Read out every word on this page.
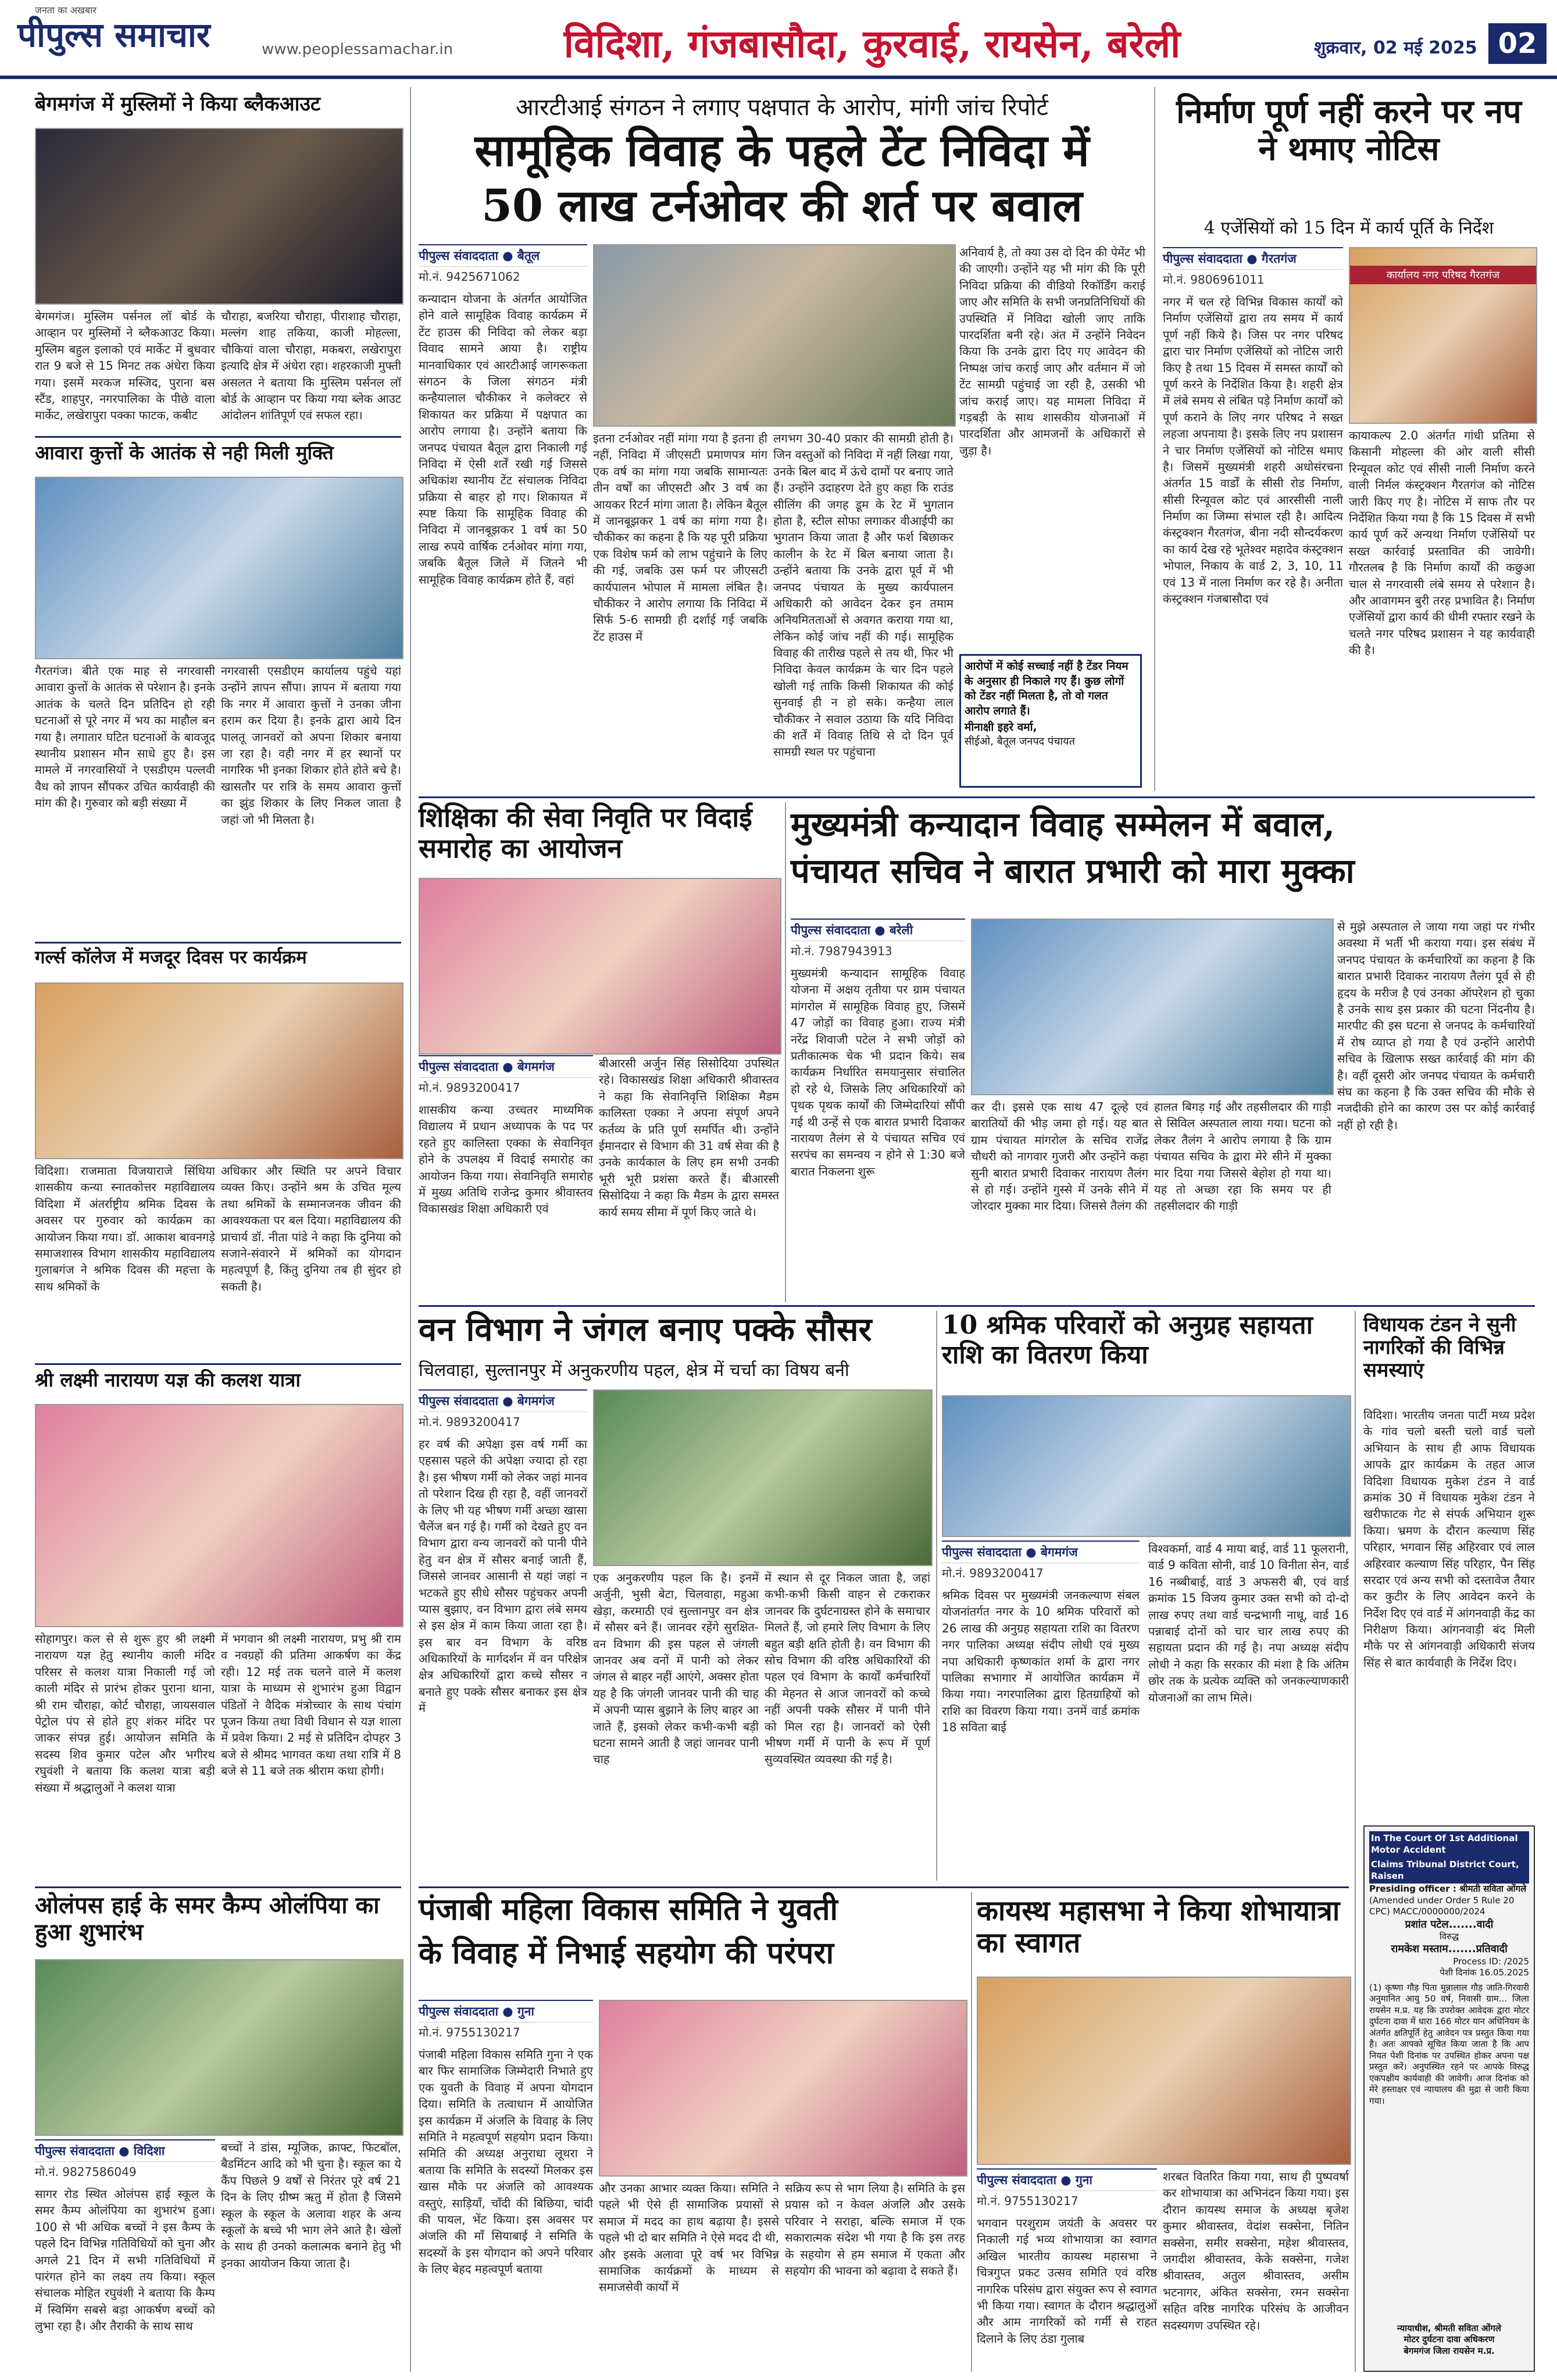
पीपुल्स समाचार
जनता का अखबार
www.peoplessamachar.in	विदिशा, गंजबासौदा, कुरवाई, रायसेन, बरेली	शुक्रवार, 02 मई 2025 02
बेगमगंज में मुस्लिमों ने किया ब्लैकआउट
बेगमगंज। मुस्लिम पर्सनल लॉ बोर्ड के आव्हान पर मुस्लिमों ने ब्लैकआउट किया। मुस्लिम बहुल इलाको एवं मार्केट में बुधवार रात 9 बजे से 15 मिनट तक अंधेरा किया गया। इसमें मरकज मस्जिद, पुराना बस स्टैंड, शाहपुर, नगरपालिका के पीछे वाला मार्केट, लखेरापुरा पक्का फाटक, कबीट
चौराहा, बजरिया चौराहा, पीराशाह चौराहा, मल्लंग शाह तकिया, काजी मोहल्ला, चौकियां वाला चौराहा, मकबरा, लखेरापुरा इत्यादि क्षेत्र में अंधेरा रहा। शहरकाजी मुफ्ती असलत ने बताया कि मुस्लिम पर्सनल लॉ बोर्ड के आव्हान पर किया गया ब्लेक आउट आंदोलन शांतिपूर्ण एवं सफल रहा।
आवारा कुत्तों के आतंक से नही मिली मुक्ति
गैरतगंज। बीते एक माह से नगरवासी आवारा कुत्तों के आतंक से परेशान है। इनके आतंक के चलते दिन प्रतिदिन हो रही घटनाओं से पूरे नगर में भय का माहौल बन गया है। लगातार घटित घटनाओं के बावजूद स्थानीय प्रशासन मौन साधे हुए है। इस मामले में नगरवासियों ने एसडीएम पल्लवी वैध को ज्ञापन सौंपकर उचित कार्यवाही की मांग की है। गुरुवार को बड़ी संख्या में
नगरवासी एसडीएम कार्यालय पहुंचे यहां उन्होंने ज्ञापन सौंपा। ज्ञापन में बताया गया कि नगर में आवारा कुत्तों ने उनका जीना हराम कर दिया है। इनके द्वारा आये दिन पालतू जानवरों को अपना शिकार बनाया जा रहा है। वही नगर में हर स्थानों पर नागरिक भी इनका शिकार होते होते बचे है। खासतौर पर रात्रि के समय आवारा कुत्तों का झुंड शिकार के लिए निकल जाता है जहां जो भी मिलता है।
गर्ल्स कॉलेज में मजदूर दिवस पर कार्यक्रम
विदिशा। राजमाता विजयाराजे सिंधिया शासकीय कन्या स्नातकोत्तर महाविद्यालय विदिशा में अंतर्राष्ट्रीय श्रमिक दिवस के अवसर पर गुरुवार को कार्यक्रम का आयोजन किया गया। डॉ. आकाश बावनगड़े समाजशास्त्र विभाग शासकीय महाविद्यालय गुलाबगंज ने श्रमिक दिवस की महत्ता के साथ श्रमिकों के
अधिकार और स्थिति पर अपने विचार व्यक्त किए। उन्होंने श्रम के उचित मूल्य तथा श्रमिकों के सम्मानजनक जीवन की आवश्यकता पर बल दिया। महाविद्यालय की प्राचार्य डॉ. नीता पांडे ने कहा कि दुनिया को सजाने-संवारने में श्रमिकों का योगदान महत्वपूर्ण है, किंतु दुनिया तब ही सुंदर हो सकती है।
श्री लक्ष्मी नारायण यज्ञ की कलश यात्रा
सोहागपुर। कल से से शुरू हुए श्री लक्ष्मी नारायण यज्ञ हेतु स्थानीय काली मंदिर परिसर से कलश यात्रा निकाली गई जो काली मंदिर से प्रारंभ होकर पुराना थाना, श्री राम चौराहा, कोर्ट चौराहा, जायसवाल पेट्रोल पंप से होते हुए शंकर मंदिर पर जाकर संपन्न हुई। आयोजन समिति के सदस्य शिव कुमार पटेल और भगीरथ रघुवंशी ने बताया कि कलश यात्रा बड़ी संख्या में श्रद्धालुओं ने कलश यात्रा
में भगवान श्री लक्ष्मी नारायण, प्रभु श्री राम व नवग्रहों की प्रतिमा आकर्षण का केंद्र रही। 12 मई तक चलने वाले में कलश यात्रा के माध्यम से शुभारंभ हुआ विद्वान पंडितों ने वैदिक मंत्रोच्चार के साथ पंचांग पूजन किया तथा विधी विधान से यज्ञ शाला में प्रवेश किया। 2 मई से प्रतिदिन दोपहर 3 बजे से श्रीमद भागवत कथा तथा रात्रि में 8 बजे से 11 बजे तक श्रीराम कथा होगी।
ओलंपस हाई के समर कैम्प ओलंपिया का हुआ शुभारंभ
पीपुल्स संवाददाता ● विदिशा
मो.नं. 9827586049
सागर रोड स्थित ओलंपस हाई स्कूल के समर कैम्प ओलंपिया का शुभारंभ हुआ। 100 से भी अधिक बच्चों ने इस कैम्प के पहले दिन विभिन्न गतिविधियों को चुना और अगले 21 दिन में सभी गतिविधियों में पारंगत होने का लक्ष्य तय किया। स्कूल संचालक मोहित रघुवंशी ने बताया कि कैम्प में स्विमिंग सबसे बड़ा आकर्षण बच्चों को लुभा रहा है। और तैराकी के साथ साथ
बच्चों ने डांस, म्यूजिक, क्राफ्ट, फिटबॉल, बैडमिंटन आदि को भी चुना है। स्कूल का ये कैंप पिछले 9 वर्षों से निरंतर पूरे वर्ष 21 दिन के लिए ग्रीष्म ऋतु में होता है जिसमे स्कूल के स्कूल के अलावा शहर के अन्य स्कूलों के बच्चे भी भाग लेने आते है। खेलों के साथ ही उनको कलात्मक बनाने हेतु भी इनका आयोजन किया जाता है।
आरटीआई संगठन ने लगाए पक्षपात के आरोप, मांगी जांच रिपोर्ट
सामूहिक विवाह के पहले टेंट निविदा में
50 लाख टर्नओवर की शर्त पर बवाल
पीपुल्स संवाददाता ● बैतूल
मो.नं. 9425671062
कन्यादान योजना के अंतर्गत आयोजित होने वाले सामूहिक विवाह कार्यक्रम में टेंट हाउस की निविदा को लेकर बड़ा विवाद सामने आया है। राष्ट्रीय मानवाधिकार एवं आरटीआई जागरूकता संगठन के जिला संगठन मंत्री कन्हैयालाल चौकीकर ने कलेक्टर से शिकायत कर प्रक्रिया में पक्षपात का आरोप लगाया है। उन्होंने बताया कि जनपद पंचायत बैतूल द्वारा निकाली गई निविदा में ऐसी शर्तें रखी गई जिससे अधिकांश स्थानीय टेंट संचालक निविदा प्रक्रिया से बाहर हो गए। शिकायत में स्पष्ट किया कि सामूहिक विवाह की निविदा में जानबूझकर 1 वर्ष का 50 लाख रुपये वार्षिक टर्नओवर मांगा गया, जबकि बैतूल जिले में जितने भी सामूहिक विवाह कार्यक्रम होते हैं, वहां
इतना टर्नओवर नहीं मांगा गया है इतना ही नहीं, निविदा में जीएसटी प्रमाणपत्र मांग एक वर्ष का मांगा गया जबकि सामान्यतः तीन वर्षों का जीएसटी और 3 वर्ष का आयकर रिटर्न मांगा जाता है। लेकिन बैतूल में जानबूझकर 1 वर्ष का मांगा गया है। चौकीकर का कहना है कि यह पूरी प्रक्रिया एक विशेष फर्म को लाभ पहुंचाने के लिए की गई, जबकि उस फर्म पर जीएसटी कार्यपालन भोपाल में मामला लंबित है। चौकीकर ने आरोप लगाया कि निविदा में सिर्फ 5-6 सामग्री ही दर्शाई गई जबकि टेंट हाउस में
लगभग 30-40 प्रकार की सामग्री होती है। जिन वस्तुओं को निविदा में नहीं लिखा गया, उनके बिल बाद में ऊंचे दामों पर बनाए जाते हैं। उन्होंने उदाहरण देते हुए कहा कि राउंड सीलिंग की जगह डूम के रेट में भुगतान होता है, स्टील सोफा लगाकर वीआईपी का भुगतान किया जाता है और फर्श बिछाकर कालीन के रेट में बिल बनाया जाता है। उन्होंने बताया कि उनके द्वारा पूर्व में भी जनपद पंचायत के मुख्य कार्यपालन अधिकारी को आवेदन देकर इन तमाम अनियमितताओं से अवगत कराया गया था, लेकिन कोई जांच नहीं की गई। सामूहिक विवाह की तारीख पहले से तय थी, फिर भी निविदा केवल कार्यक्रम के चार दिन पहले खोली गई ताकि किसी शिकायत की कोई सुनवाई ही न हो सके। कन्हैया लाल चौकीकर ने सवाल उठाया कि यदि निविदा की शर्तें में विवाह तिथि से दो दिन पूर्व सामग्री स्थल पर पहुंचाना
अनिवार्य है, तो क्या उस दो दिन की पेमेंट भी की जाएगी। उन्होंने यह भी मांग की कि पूरी निविदा प्रक्रिया की वीडियो रिकॉर्डिंग कराई जाए और समिति के सभी जनप्रतिनिधियों की उपस्थिति में निविदा खोली जाए ताकि पारदर्शिता बनी रहे। अंत में उन्होंने निवेदन किया कि उनके द्वारा दिए गए आवेदन की निष्पक्ष जांच कराई जाए और वर्तमान में जो टेंट सामग्री पहुंचाई जा रही है, उसकी भी जांच कराई जाए। यह मामला निविदा में गड़बड़ी के साथ शासकीय योजनाओं में पारदर्शिता और आमजनों के अधिकारों से जुड़ा है।
आरोपों में कोई सच्चाई नहीं है टेंडर नियम के अनुसार ही निकाले गए हैं। कुछ लोगों को टेंडर नहीं मिलता है, तो वो गलत आरोप लगाते हैं।
मीनाक्षी इहरे वर्मा,
सीईओ, बैतूल जनपद पंचायत
निर्माण पूर्ण नहीं करने पर नप ने थमाए नोटिस
4 एजेंसियों को 15 दिन में कार्य पूर्ति के निर्देश
पीपुल्स संवाददाता ● गैरतगंज
मो.नं. 9806961011
नगर में चल रहे विभिन्न विकास कार्यों को निर्माण एजेंसियों द्वारा तय समय में कार्य पूर्ण नहीं किये है। जिस पर नगर परिषद द्वारा चार निर्माण एजेंसियों को नोटिस जारी किए है तथा 15 दिवस में समस्त कार्यों को पूर्ण करने के निर्देशित किया है। शहरी क्षेत्र में लंबे समय से लंबित पड़े निर्माण कार्यों को पूर्ण कराने के लिए नगर परिषद ने सख्त लहजा अपनाया है। इसके लिए नप प्रशासन ने चार निर्माण एजेंसियों को नोटिस थमाए है। जिसमें मुख्यमंत्री शहरी अधोसंरचना अंतर्गत 15 वार्डों के सीसी रोड निर्माण, सीसी रिन्यूवल कोट एवं आरसीसी नाली निर्माण का जिम्मा संभाल रही है। आदित्य कंस्ट्रक्शन गैरतगंज, बीना नदी सौन्दर्यकरण का कार्य देख रहे भूतेश्वर महादेव कंस्ट्रक्शन भोपाल, निकाय के वार्ड 2, 3, 10, 11 एवं 13 में नाला निर्माण कर रहे है। अनीता कंस्ट्रक्शन गंजबासौदा एवं
कार्यालय नगर परिषद गैरतगंज
कायाकल्प 2.0 अंतर्गत गांधी प्रतिमा से किसानी मोहल्ला की ओर वाली सीसी रिन्यूवल कोट एवं सीसी नाली निर्माण करने वाली निर्मल कंस्ट्रक्शन गैरतगंज को नोटिस जारी किए गए है। नोटिस में साफ तौर पर निर्देशित किया गया है कि 15 दिवस में सभी कार्य पूर्ण करें अन्यथा निर्माण एजेंसियों पर सख्त कार्रवाई प्रस्तावित की जावेगी। गौरतलब है कि निर्माण कार्यों की कछुआ चाल से नगरवासी लंबे समय से परेशान है। और आवागमन बुरी तरह प्रभावित है। निर्माण एजेंसियों द्वारा कार्य की धीमी रफ्तार रखने के चलते नगर परिषद प्रशासन ने यह कार्यवाही की है।
शिक्षिका की सेवा निवृति पर विदाई समारोह का आयोजन
पीपुल्स संवाददाता ● बेगमगंज
मो.नं. 9893200417
शासकीय कन्या उच्चतर माध्यमिक विद्यालय में प्रधान अध्यापक के पद पर रहते हुए कालिस्ता एक्का के सेवानिवृत होने के उपलक्ष्य में विदाई समारोह का आयोजन किया गया। सेवानिवृति समारोह में मुख्य अतिथि राजेन्द्र कुमार श्रीवास्तव विकासखंड शिक्षा अधिकारी एवं
बीआरसी अर्जुन सिंह सिसोदिया उपस्थित रहे। विकासखंड शिक्षा अधिकारी श्रीवास्तव ने कहा कि सेवानिवृत्ति शिक्षिका मैडम कालिस्ता एक्का ने अपना संपूर्ण अपने कर्तव्य के प्रति पूर्ण समर्पित थी। उन्होंने ईमानदार से विभाग की 31 वर्ष सेवा की है उनके कार्यकाल के लिए हम सभी उनकी भूरी भूरी प्रशंसा करते हैं। बीआरसी सिसोदिया ने कहा कि मैडम के द्वारा समस्त कार्य समय सीमा में पूर्ण किए जाते थे।
मुख्यमंत्री कन्यादान विवाह सम्मेलन में बवाल,
पंचायत सचिव ने बारात प्रभारी को मारा मुक्का
पीपुल्स संवाददाता ● बरेली
मो.नं. 7987943913
मुख्यमंत्री कन्यादान सामूहिक विवाह योजना में अक्षय तृतीया पर ग्राम पंचायत मांगरोल में सामूहिक विवाह हुए, जिसमें 47 जोड़ों का विवाह हुआ। राज्य मंत्री नरेंद्र शिवाजी पटेल ने सभी जोड़ों को प्रतीकात्मक चेक भी प्रदान किये। सब कार्यक्रम निर्धारित समयानुसार संचालित हो रहे थे, जिसके लिए अधिकारियों को पृथक पृथक कार्यों की जिम्मेदारियां सौंपी गई थी उन्हें से एक बारात प्रभारी दिवाकर नारायण तैलंग से ये पंचायत सचिव एवं सरपंच का समन्वय न होने से 1:30 बजे बारात निकलना शुरू
कर दी। इससे एक साथ 47 दूल्हे एवं बारातियों की भीड़ जमा हो गई। यह बात ग्राम पंचायत मांगरोल के सचिव राजेंद्र चौधरी को नागवार गुजरी और उन्होंने कहा सुनी बारात प्रभारी दिवाकर नारायण तैलंग से हो गई। उन्होंने गुस्से में उनके सीने में जोरदार मुक्का मार दिया। जिससे तैलंग की
हालत बिगड़ गई और तहसीलदार की गाड़ी से सिविल अस्पताल लाया गया। घटना को लेकर तैलंग ने आरोप लगाया है कि ग्राम पंचायत सचिव के द्वारा मेरे सीने में मुक्का मार दिया गया जिससे बेहोश हो गया था। यह तो अच्छा रहा कि समय पर ही तहसीलदार की गाड़ी
से मुझे अस्पताल ले जाया गया जहां पर गंभीर अवस्था में भर्ती भी कराया गया। इस संबंध में जनपद पंचायत के कर्मचारियों का कहना है कि बारात प्रभारी दिवाकर नारायण तैलंग पूर्व से ही हृदय के मरीज है एवं उनका ऑपरेशन हो चुका है उनके साथ इस प्रकार की घटना निंदनीय है। मारपीट की इस घटना से जनपद के कर्मचारियों में रोष व्याप्त हो गया है एवं उन्होंने आरोपी सचिव के खिलाफ सख्त कार्रवाई की मांग की है। वहीं दूसरी ओर जनपद पंचायत के कर्मचारी संघ का कहना है कि उक्त सचिव की मौके से नजदीकी होने का कारण उस पर कोई कार्रवाई नहीं हो रही है।
वन विभाग ने जंगल बनाए पक्के सौसर
चिलवाहा, सुल्तानपुर में अनुकरणीय पहल, क्षेत्र में चर्चा का विषय बनी
पीपुल्स संवाददाता ● बेगमगंज
मो.नं. 9893200417
हर वर्ष की अपेक्षा इस वर्ष गर्मी का एहसास पहले की अपेक्षा ज्यादा हो रहा है। इस भीषण गर्मी को लेकर जहां मानव तो परेशान दिख ही रहा है, वहीं जानवरों के लिए भी यह भीषण गर्मी अच्छा खासा चैलेंज बन गई है। गर्मी को देखते हुए वन विभाग द्वारा वन्य जानवरों को पानी पीने हेतु वन क्षेत्र में सौसर बनाई जाती हैं, जिससे जानवर आसानी से यहां जहां न भटकते हुए सीधे सौसर पहुंचकर अपनी प्यास बुझाए, वन विभाग द्वारा लंबे समय से इस क्षेत्र में काम किया जाता रहा है। इस बार वन विभाग के वरिष्ठ अधिकारियों के मार्गदर्शन में वन परिक्षेत्र क्षेत्र अधिकारियों द्वारा कच्चे सौसर न बनाते हुए पक्के सौसर बनाकर इस क्षेत्र में
एक अनुकरणीय पहल कि है। इनमें अर्जुनी, भुसी बेटा, चिलवाहा, महुआ खेड़ा, करमाठी एवं सुल्तानपुर वन क्षेत्र में सौसर बने हैं। जानवर रहेंगे सुरक्षित-वन विभाग की इस पहल से जंगली जानवर अब वनों में पानी को लेकर जंगल से बाहर नहीं आएंगे, अक्सर होता यह है कि जंगली जानवर पानी की चाह में अपनी प्यास बुझाने के लिए बाहर आ जाते हैं, इसको लेकर कभी-कभी बड़ी घटना सामने आती है जहां जानवर पानी चाह
में स्थान से दूर निकल जाता है, जहां कभी-कभी किसी वाहन से टकराकर जानवर कि दुर्घटनाग्रस्त होने के समाचार मिलते हैं, जो हमारे लिए विभाग के लिए बहुत बड़ी क्षति होती है। वन विभाग की सोच विभाग की वरिष्ठ अधिकारियों की पहल एवं विभाग के कार्यों कर्मचारियों की मेहनत से आज जानवरों को कच्चे नहीं अपनी पक्के सौसर में पानी पीने को मिल रहा है। जानवरों को ऐसी भीषण गर्मी में पानी के रूप में पूर्ण सुव्यवस्थित व्यवस्था की गई है।
10 श्रमिक परिवारों को अनुग्रह सहायता राशि का वितरण किया
पीपुल्स संवाददाता ● बेगमगंज
मो.नं. 9893200417
श्रमिक दिवस पर मुख्यमंत्री जनकल्याण संबल योजनांतर्गत नगर के 10 श्रमिक परिवारों को 26 लाख की अनुग्रह सहायता राशि का वितरण नगर पालिका अध्यक्ष संदीप लोधी एवं मुख्य नपा अधिकारी कृष्णकांत शर्मा के द्वारा नगर पालिका सभागार में आयोजित कार्यक्रम में किया गया। नगरपालिका द्वारा हितग्राहियों को राशि का विवरण किया गया। उनमें वार्ड क्रमांक 18 सविता बाई
विश्वकर्मा, वार्ड 4 माया बाई, वार्ड 11 फूलरानी, वार्ड 9 कविता सोनी, वार्ड 10 विनीता सेन, वार्ड 16 नब्बीबाई, वार्ड 3 अफसरी बी, एवं वार्ड क्रमांक 15 विजय कुमार उक्त सभी को दो-दो लाख रुपए तथा वार्ड चन्द्रभागी नाथू, वार्ड 16 पन्नाबाई दोनों को चार चार लाख रुपए की सहायता प्रदान की गई है। नपा अध्यक्ष संदीप लोधी ने कहा कि सरकार की मंशा है कि अंतिम छोर तक के प्रत्येक व्यक्ति को जनकल्याणकारी योजनाओं का लाभ मिले।
विधायक टंडन ने सुनी नागरिकों की विभिन्न समस्याएं
विदिशा। भारतीय जनता पार्टी मध्य प्रदेश के गांव चलो बस्ती चलो वार्ड चलो अभियान के साथ ही आफ विधायक आपके द्वार कार्यक्रम के तहत आज विदिशा विधायक मुकेश टंडन ने वार्ड क्रमांक 30 में विधायक मुकेश टंडन ने खरीफाटक गेट से संपर्क अभियान शुरू किया। भ्रमण के दौरान कल्याण सिंह परिहार, भगवान सिंह अहिरवार एवं लाल अहिरवार कल्याण सिंह परिहार, पैन सिंह सरदार एवं अन्य सभी को दस्तावेज तैयार कर कुटीर के लिए आवेदन करने के निर्देश दिए एवं वार्ड में आंगनवाड़ी केंद्र का निरीक्षण किया। आंगनवाड़ी बंद मिली मौके पर से आंगनवाड़ी अधिकारी संजय सिंह से बात कार्यवाही के निर्देश दिए।
In The Court Of 1st Additional Motor Accident
Claims Tribunal District Court, Raisen
Presiding officer : श्रीमती सविता ओंगले
(Amended under Order 5 Rule 20 CPC) MACC/0000000/2024
प्रशांत पटेल.......वादी
विरुद्ध
रामकेश मस्ताम.......प्रतिवादी
Process ID: /2025
पेशी दिनांक 16.05.2025
(1) कृष्णा गौड़ पिता मुन्नालाल गौड़ जाति-गिरवारी अनुमानित आयु 50 वर्ष, निवासी ग्राम... जिला रायसेन म.प्र. यह कि उपरोक्त आवेदक द्वारा मोटर दुर्घटना दावा में धारा 166 मोटर यान अधिनियम के अंतर्गत क्षतिपूर्ति हेतु आवेदन पत्र प्रस्तुत किया गया है। अतः आपको सूचित किया जाता है कि आप नियत पेशी दिनांक पर उपस्थित होकर अपना पक्ष प्रस्तुत करें। अनुपस्थित रहने पर आपके विरुद्ध एकपक्षीय कार्यवाही की जावेगी। आज दिनांक को मेरे हस्ताक्षर एवं न्यायालय की मुद्रा से जारी किया गया।
न्यायाधीश, श्रीमती सविता ओंगले
मोटर दुर्घटना दावा अधिकरण
बेगमगंज जिला रायसेन म.प्र.
पंजाबी महिला विकास समिति ने युवती
के विवाह में निभाई सहयोग की परंपरा
पीपुल्स संवाददाता ● गुना
मो.नं. 9755130217
पंजाबी महिला विकास समिति गुना ने एक बार फिर सामाजिक जिम्मेदारी निभाते हुए एक युवती के विवाह में अपना योगदान दिया। समिति के तत्वाधान में आयोजित इस कार्यक्रम में अंजलि के विवाह के लिए समिति ने महत्वपूर्ण सहयोग प्रदान किया। समिति की अध्यक्ष अनुराधा लूथरा ने बताया कि समिति के सदस्यों मिलकर इस खास मौके पर अंजलि को आवश्यक वस्तुएं, साड़ियाँ, चाँदी की बिछिया, चांदी की पायल, भेंट किया। इस अवसर पर अंजलि की माँ सियाबाई ने समिति के सदस्यों के इस योगदान को अपने परिवार के लिए बेहद महत्वपूर्ण बताया
और उनका आभार व्यक्त किया। समिति ने पहले भी ऐसे ही सामाजिक प्रयासों से समाज में मदद का हाथ बढ़ाया है। इससे पहले भी दो बार समिति ने ऐसे मदद दी थी, और इसके अलावा पूरे वर्ष भर विभिन्न सामाजिक कार्यक्रमों के माध्यम से समाजसेवी कार्यों में
सक्रिय रूप से भाग लिया है। समिति के इस प्रयास को न केवल अंजलि और उसके परिवार ने सराहा, बल्कि समाज में एक सकारात्मक संदेश भी गया है कि इस तरह के सहयोग से हम समाज में एकता और सहयोग की भावना को बढ़ावा दे सकते हैं।
कायस्थ महासभा ने किया शोभायात्रा का स्वागत
पीपुल्स संवाददाता ● गुना
मो.नं. 9755130217
भगवान परशुराम जयंती के अवसर पर निकाली गई भव्य शोभायात्रा का स्वागत अखिल भारतीय कायस्थ महासभा ने चित्रगुप्त प्रकट उत्सव समिति एवं वरिष्ठ नागरिक परिसंघ द्वारा संयुक्त रूप से स्वागत भी किया गया। स्वागत के दौरान श्रद्धालुओं और आम नागरिकों को गर्मी से राहत दिलाने के लिए ठंडा गुलाब
शरबत वितरित किया गया, साथ ही पुष्पवर्षा कर शोभायात्रा का अभिनंदन किया गया। इस दौरान कायस्थ समाज के अध्यक्ष बृजेश कुमार श्रीवास्तव, वेदांश सक्सेना, नितिन सक्सेना, समीर सक्सेना, महेश श्रीवास्तव, जगदीश श्रीवास्तव, केके सक्सेना, गजेश श्रीवास्तव, अतुल श्रीवास्तव, असीम भटनागर, अंकित सक्सेना, रमन सक्सेना सहित वरिष्ठ नागरिक परिसंघ के आजीवन सदस्यगण उपस्थित रहे।
